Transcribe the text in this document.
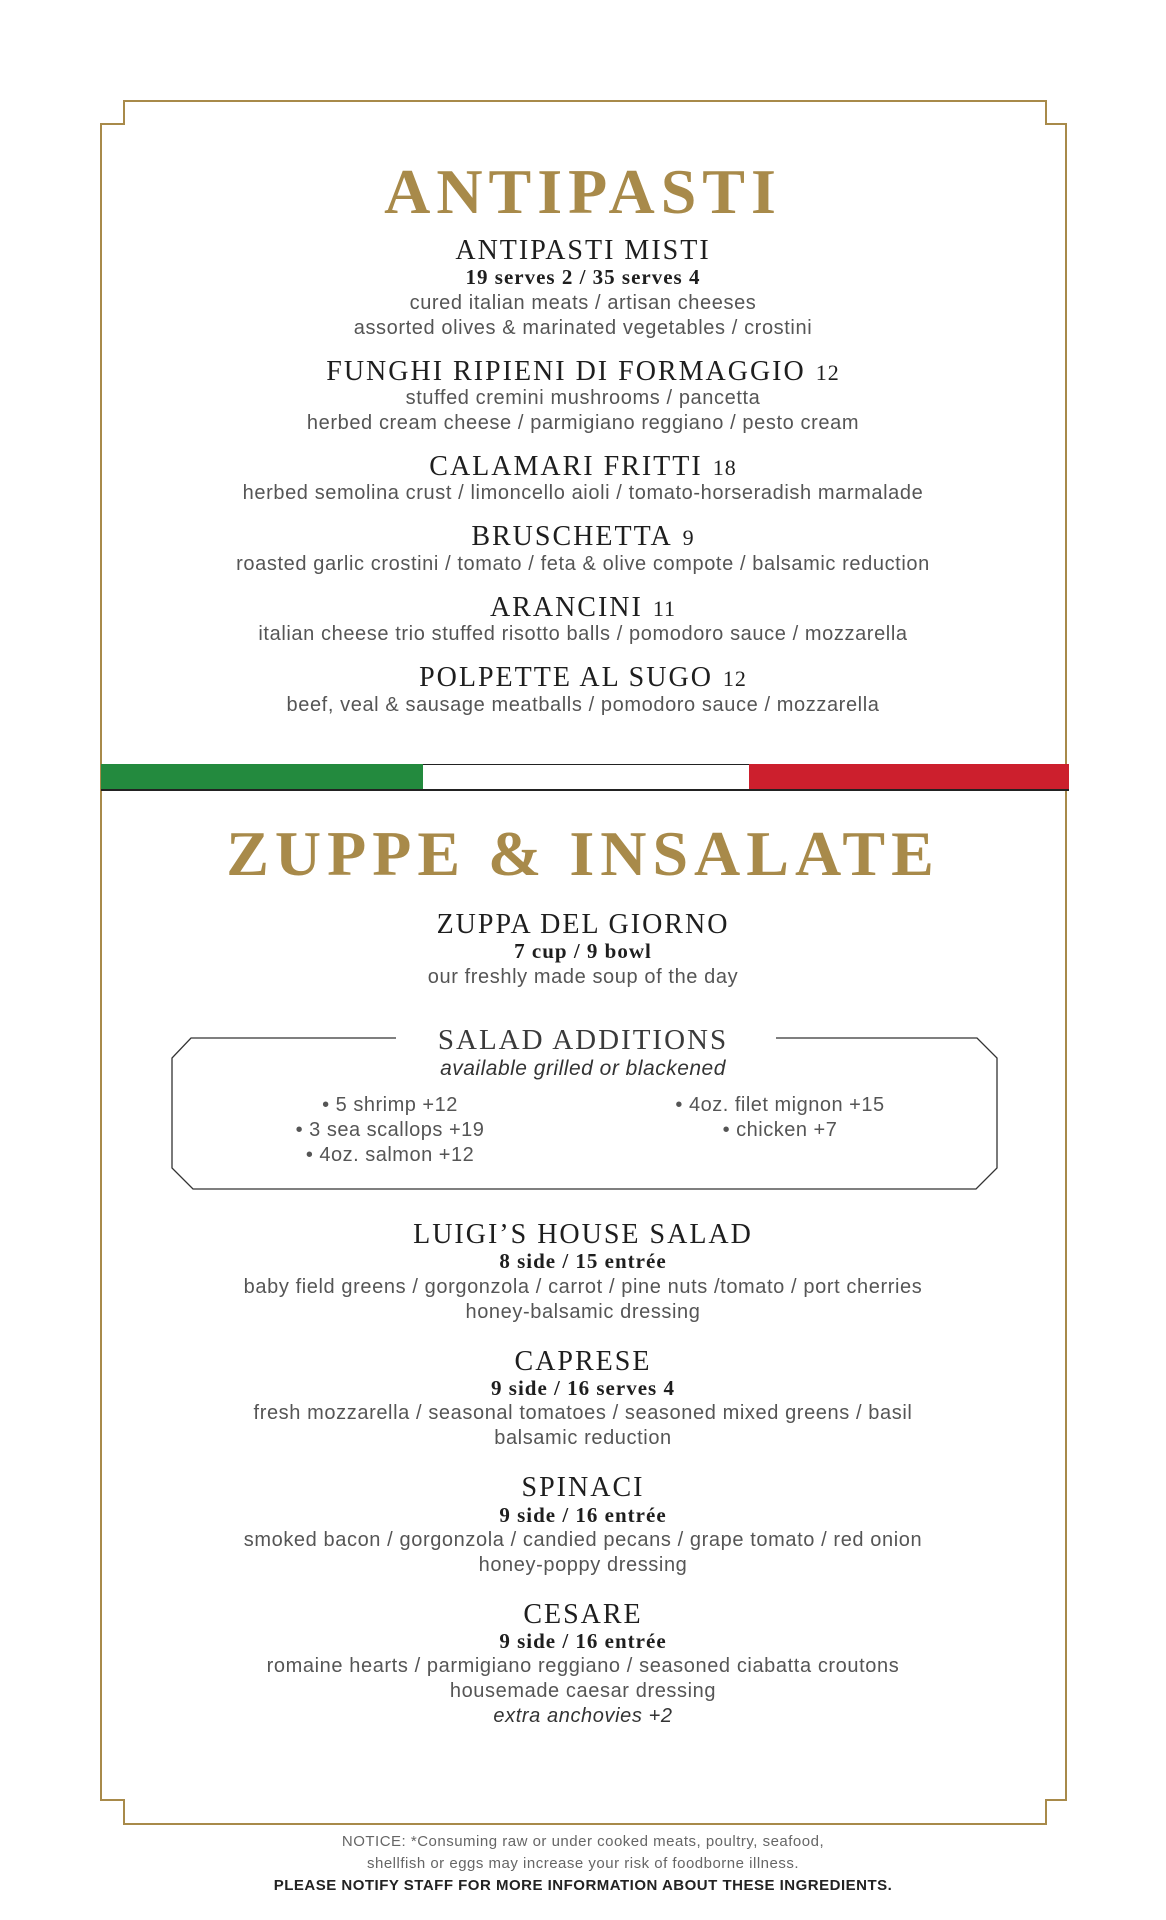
ANTIPASTI
ANTIPASTI MISTI
19 serves 2 / 35 serves 4
cured italian meats / artisan cheeses
assorted olives & marinated vegetables / crostini
FUNGHI RIPIENI DI FORMAGGIO 12
stuffed cremini mushrooms / pancetta
herbed cream cheese / parmigiano reggiano / pesto cream
CALAMARI FRITTI 18
herbed semolina crust / limoncello aioli / tomato-horseradish marmalade
BRUSCHETTA 9
roasted garlic crostini / tomato / feta & olive compote / balsamic reduction
ARANCINI 11
italian cheese trio stuffed risotto balls / pomodoro sauce / mozzarella
POLPETTE AL SUGO 12
beef, veal & sausage meatballs / pomodoro sauce / mozzarella
ZUPPE & INSALATE
ZUPPA DEL GIORNO
7 cup / 9 bowl
our freshly made soup of the day
SALAD ADDITIONS
available grilled or blackened
• 5 shrimp +12
• 3 sea scallops +19
• 4oz. salmon +12
• 4oz. filet mignon +15
• chicken +7
LUIGI’S HOUSE SALAD
8 side / 15 entrée
baby field greens / gorgonzola / carrot / pine nuts /tomato / port cherries
honey-balsamic dressing
CAPRESE
9 side / 16 serves 4
fresh mozzarella / seasonal tomatoes / seasoned mixed greens / basil
balsamic reduction
SPINACI
9 side / 16 entrée
smoked bacon / gorgonzola / candied pecans / grape tomato / red onion
honey-poppy dressing
CESARE
9 side / 16 entrée
romaine hearts / parmigiano reggiano / seasoned ciabatta croutons
housemade caesar dressing
extra anchovies +2
NOTICE: *Consuming raw or under cooked meats, poultry, seafood,
shellfish or eggs may increase your risk of foodborne illness.
PLEASE NOTIFY STAFF FOR MORE INFORMATION ABOUT THESE INGREDIENTS.
